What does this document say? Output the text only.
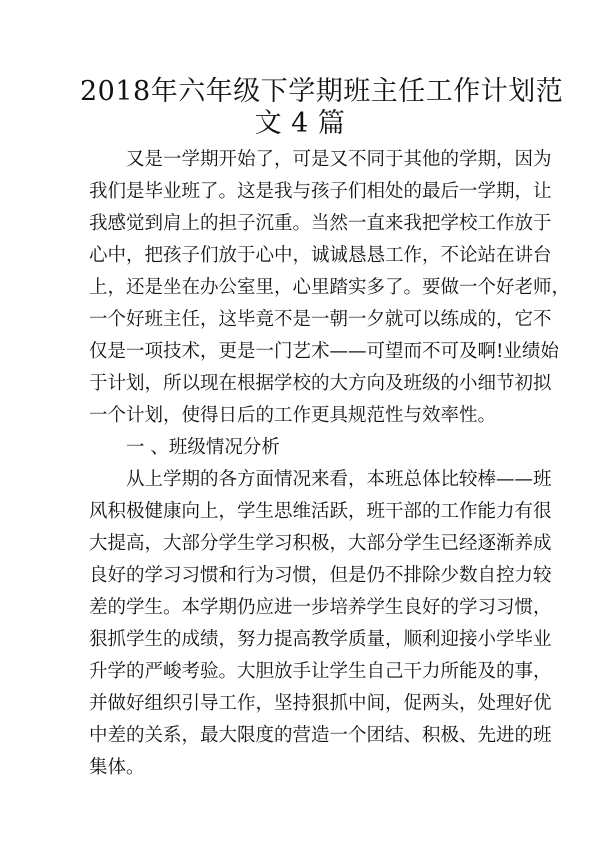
2018年六年级下学期班主任工作计划范
文 4 篇

又是一学期开始了，可是又不同于其他的学期，因为

我们是毕业班了。这是我与孩子们相处的最后一学期，让

我感觉到肩上的担子沉重。当然一直来我把学校工作放于

心中，把孩子们放于心中，诚诚恳恳工作，不论站在讲台

上，还是坐在办公室里，心里踏实多了。要做一个好老师，

一个好班主任，这毕竟不是一朝一夕就可以练成的，它不

仅是一项技术，更是一门艺术——可望而不可及啊!业绩始

于计划，所以现在根据学校的大方向及班级的小细节初拟

一个计划，使得日后的工作更具规范性与效率性。

一 、班级情况分析

从上学期的各方面情况来看，本班总体比较棒——班

风积极健康向上，学生思维活跃，班干部的工作能力有很

大提高，大部分学生学习积极，大部分学生已经逐渐养成

良好的学习习惯和行为习惯，但是仍不排除少数自控力较

差的学生。本学期仍应进一步培养学生良好的学习习惯，

狠抓学生的成绩，努力提高教学质量，顺利迎接小学毕业

升学的严峻考验。大胆放手让学生自己干力所能及的事，

并做好组织引导工作，坚持狠抓中间，促两头，处理好优

中差的关系，最大限度的营造一个团结、积极、先进的班

集体。
